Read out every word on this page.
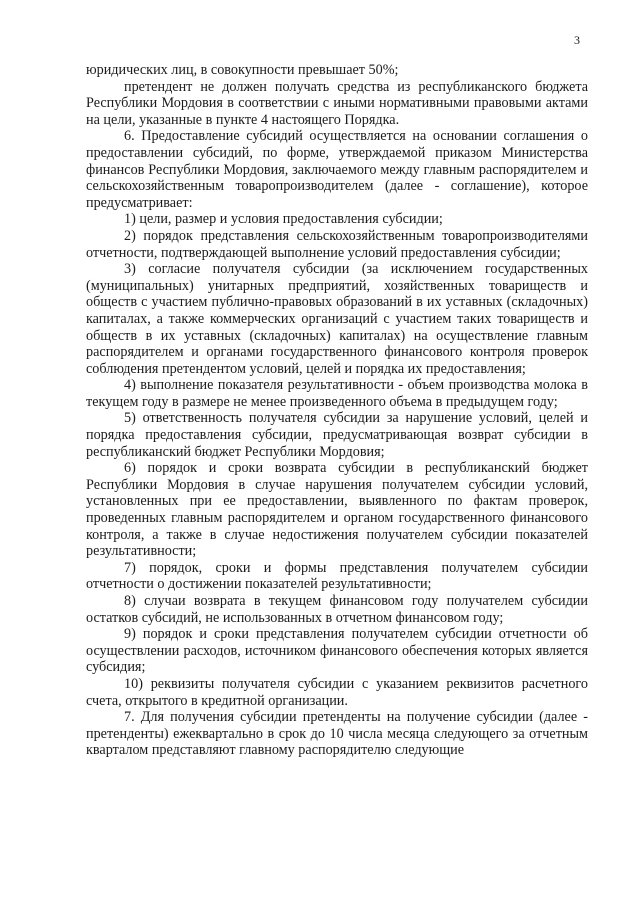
3

юридических лиц, в совокупности превышает 50%;

претендент не должен получать средства из республиканского бюджета Республики Мордовия в соответствии с иными нормативными правовыми актами на цели, указанные в пункте 4 настоящего Порядка.

6. Предоставление субсидий осуществляется на основании соглашения о предоставлении субсидий, по форме, утверждаемой приказом Министерства финансов Республики Мордовия, заключаемого между главным распорядителем и сельскохозяйственным товаропроизводителем (далее - соглашение), которое предусматривает:

1) цели, размер и условия предоставления субсидии;

2) порядок представления сельскохозяйственным товаропроизводителями отчетности, подтверждающей выполнение условий предоставления субсидии;

3) согласие получателя субсидии (за исключением государственных (муниципальных) унитарных предприятий, хозяйственных товариществ и обществ с участием публично-правовых образований в их уставных (складочных) капиталах, а также коммерческих организаций с участием таких товариществ и обществ в их уставных (складочных) капиталах) на осуществление главным распорядителем и органами государственного финансового контроля проверок соблюдения претендентом условий, целей и порядка их предоставления;

4) выполнение показателя результативности - объем производства молока в текущем году в размере не менее произведенного объема в предыдущем году;

5) ответственность получателя субсидии за нарушение условий, целей и порядка предоставления субсидии, предусматривающая возврат субсидии в республиканский бюджет Республики Мордовия;

6) порядок и сроки возврата субсидии в республиканский бюджет Республики Мордовия в случае нарушения получателем субсидии условий, установленных при ее предоставлении, выявленного по фактам проверок, проведенных главным распорядителем и органом государственного финансового контроля, а также в случае недостижения получателем субсидии показателей результативности;

7) порядок, сроки и формы представления получателем субсидии отчетности о достижении показателей результативности;

8) случаи возврата в текущем финансовом году получателем субсидии остатков субсидий, не использованных в отчетном финансовом году;

9) порядок и сроки представления получателем субсидии отчетности об осуществлении расходов, источником финансового обеспечения которых является субсидия;

10) реквизиты получателя субсидии с указанием реквизитов расчетного счета, открытого в кредитной организации.

7. Для получения субсидии претенденты на получение субсидии (далее - претенденты) ежеквартально в срок до 10 числа месяца следующего за отчетным кварталом представляют главному распорядителю следующие
